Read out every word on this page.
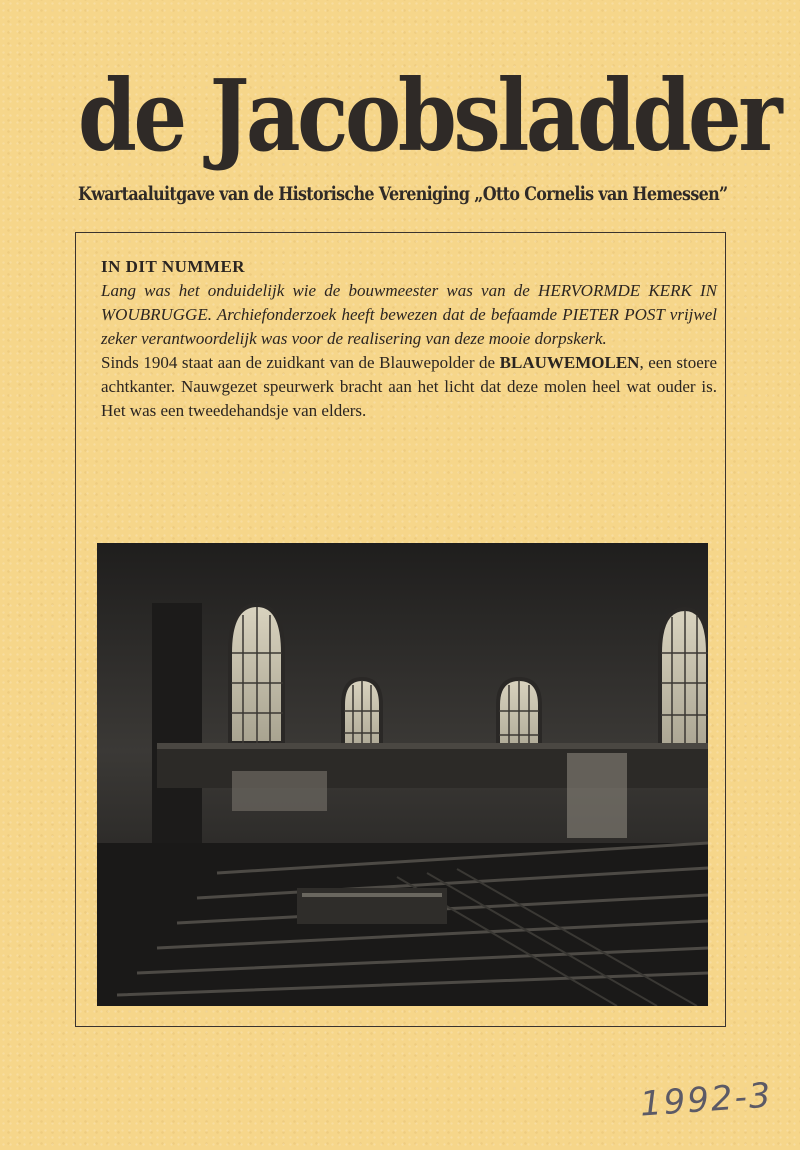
de Jacobsladder
Kwartaaluitgave van de Historische Vereniging „Otto Cornelis van Hemessen”

IN DIT NUMMER

Lang was het onduidelijk wie de bouwmeester was van de HERVORMDE KERK IN WOUBRUGGE. Archiefonderzoek heeft bewezen dat de befaamde PIETER POST vrijwel zeker verantwoordelijk was voor de realisering van deze mooie dorpskerk.

Sinds 1904 staat aan de zuidkant van de Blauwepolder de BLAUWEMOLEN, een stoere achtkanter. Nauwgezet speurwerk bracht aan het licht dat deze molen heel wat ouder is. Het was een tweedehandsje van elders.

1992-3
